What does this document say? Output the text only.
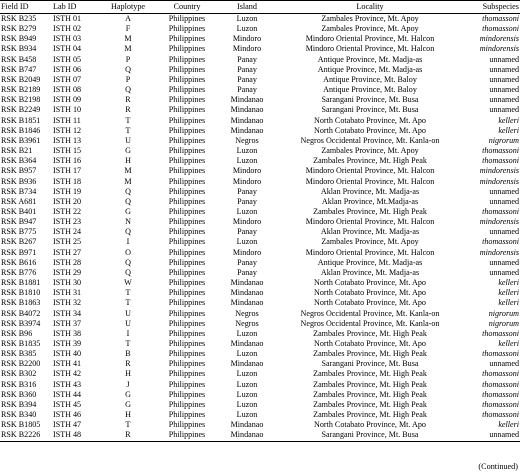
Field ID	Lab ID	Haplotype	Country	Island	Locality	Subspecies
RSK B235	ISTH 01	A	Philippines	Luzon	Zambales Province, Mt. Apoy	thomassoni
RSK B279	ISTH 02	F	Philippines	Luzon	Zambales Province, Mt. Apoy	thomassoni
RSK B949	ISTH 03	M	Philippines	Mindoro	Mindoro Oriental Province, Mt. Halcon	mindorensis
RSK B934	ISTH 04	M	Philippines	Mindoro	Mindoro Oriental Province, Mt. Halcon	mindorensis
RSK B458	ISTH 05	P	Philippines	Panay	Antique Province, Mt. Madja-as	unnamed
RSK B747	ISTH 06	Q	Philippines	Panay	Antique Province, Mt. Madja-as	unnamed
RSK B2049	ISTH 07	P	Philippines	Panay	Antique Province, Mt. Baloy	unnamed
RSK B2189	ISTH 08	Q	Philippines	Panay	Antique Province, Mt. Baloy	unnamed
RSK B2198	ISTH 09	R	Philippines	Mindanao	Sarangani Province, Mt. Busa	unnamed
RSK B2249	ISTH 10	R	Philippines	Mindanao	Sarangani Province, Mt. Busa	unnamed
RSK B1851	ISTH 11	T	Philippines	Mindanao	North Cotabato Province, Mt. Apo	kelleri
RSK B1846	ISTH 12	T	Philippines	Mindanao	North Cotabato Province, Mt. Apo	kelleri
RSK B3961	ISTH 13	U	Philippines	Negros	Negros Occidental Province, Mt. Kanla-on	nigrorum
RSK B21	ISTH 15	G	Philippines	Luzon	Zambales Province, Mt. Apoy	thomassoni
RSK B364	ISTH 16	H	Philippines	Luzon	Zambales Province, Mt. High Peak	thomassoni
RSK B957	ISTH 17	M	Philippines	Mindoro	Mindoro Oriental Province, Mt. Halcon	mindorensis
RSK B936	ISTH 18	M	Philippines	Mindoro	Mindoro Oriental Province, Mt. Halcon	mindorensis
RSK B734	ISTH 19	Q	Philippines	Panay	Aklan Province, Mt. Madja-as	unnamed
RSK A681	ISTH 20	Q	Philippines	Panay	Aklan Province, Mt.Madja-as	unnamed
RSK B401	ISTH 22	G	Philippines	Luzon	Zambales Province, Mt. High Peak	thomassoni
RSK B947	ISTH 23	N	Philippines	Mindoro	Mindoro Oriental Province, Mt. Halcon	mindorensis
RSK B775	ISTH 24	Q	Philippines	Panay	Aklan Province, Mt. Madja-as	unnamed
RSK B267	ISTH 25	I	Philippines	Luzon	Zambales Province, Mt. Apoy	thomassoni
RSK B971	ISTH 27	O	Philippines	Mindoro	Mindoro Oriental Province, Mt. Halcon	mindorensis
RSK B616	ISTH 28	Q	Philippines	Panay	Antique Province, Mt. Madja-as	unnamed
RSK B776	ISTH 29	Q	Philippines	Panay	Aklan Province, Mt. Madja-as	unnamed
RSK B1881	ISTH 30	W	Philippines	Mindanao	North Cotabato Province, Mt. Apo	kelleri
RSK B1810	ISTH 31	T	Philippines	Mindanao	North Cotabato Province, Mt. Apo	kelleri
RSK B1863	ISTH 32	T	Philippines	Mindanao	North Cotabato Province, Mt. Apo	kelleri
RSK B4072	ISTH 34	U	Philippines	Negros	Negros Occidental Province, Mt. Kanla-on	nigrorum
RSK B3974	ISTH 37	U	Philippines	Negros	Negros Occidental Province, Mt. Kanla-on	nigrorum
RSK B96	ISTH 38	I	Philippines	Luzon	Zambales Province, Mt. High Peak	thomassoni
RSK B1835	ISTH 39	T	Philippines	Mindanao	North Cotabato Province, Mt. Apo	kelleri
RSK B385	ISTH 40	B	Philippines	Luzon	Zambales Province, Mt. High Peak	thomassoni
RSK B2200	ISTH 41	R	Philippines	Mindanao	Sarangani Province, Mt. Busa	unnamed
RSK B302	ISTH 42	H	Philippines	Luzon	Zambales Province, Mt. High Peak	thomassoni
RSK B316	ISTH 43	J	Philippines	Luzon	Zambales Province, Mt. High Peak	thomassoni
RSK B360	ISTH 44	G	Philippines	Luzon	Zambales Province, Mt. High Peak	thomassoni
RSK B394	ISTH 45	G	Philippines	Luzon	Zambales Province, Mt. High Peak	thomassoni
RSK B340	ISTH 46	H	Philippines	Luzon	Zambales Province, Mt. High Peak	thomassoni
RSK B1805	ISTH 47	T	Philippines	Mindanao	North Cotabato Province, Mt. Apo	kelleri
RSK B2226	ISTH 48	R	Philippines	Mindanao	Sarangani Province, Mt. Busa	unnamed
(Continued)
